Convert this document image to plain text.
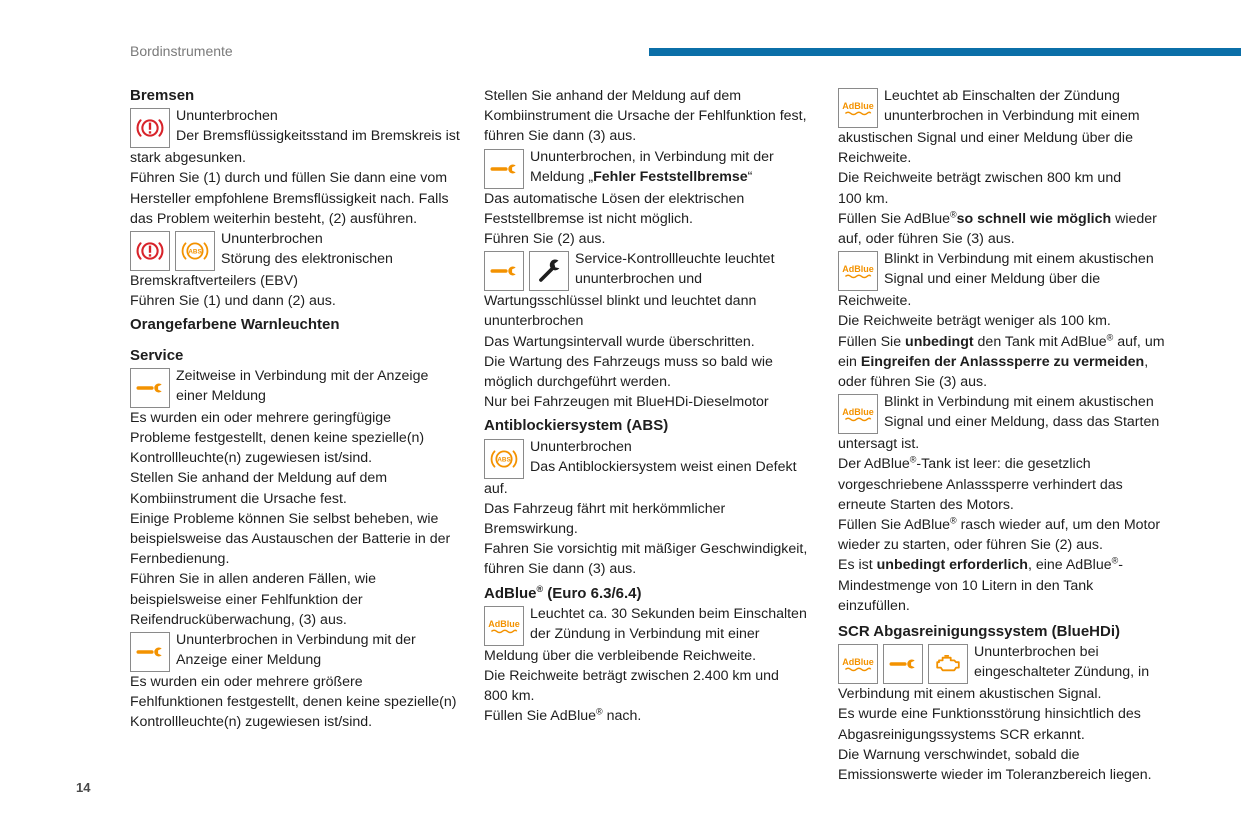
Bordinstrumente
14
Bremsen
Ununterbrochen
Der Bremsflüssigkeitsstand im Bremskreis ist
stark abgesunken.
Führen Sie (1) durch und füllen Sie dann eine vom
Hersteller empfohlene Bremsflüssigkeit nach. Falls
das Problem weiterhin besteht, (2) ausführen.
ABS
Ununterbrochen
Störung des elektronischen
Bremskraftverteilers (EBV)
Führen Sie (1) und dann (2) aus.
Orangefarbene Warnleuchten
Service
Zeitweise in Verbindung mit der Anzeige
einer Meldung
Es wurden ein oder mehrere geringfügige
Probleme festgestellt, denen keine spezielle(n)
Kontrollleuchte(n) zugewiesen ist/sind.
Stellen Sie anhand der Meldung auf dem
Kombiinstrument die Ursache fest.
Einige Probleme können Sie selbst beheben, wie
beispielsweise das Austauschen der Batterie in der
Fernbedienung.
Führen Sie in allen anderen Fällen, wie
beispielsweise einer Fehlfunktion der
Reifendrucküberwachung, (3) aus.
Ununterbrochen in Verbindung mit der
Anzeige einer Meldung
Es wurden ein oder mehrere größere
Fehlfunktionen festgestellt, denen keine spezielle(n)
Kontrollleuchte(n) zugewiesen ist/sind.
Stellen Sie anhand der Meldung auf dem
Kombiinstrument die Ursache der Fehlfunktion fest,
führen Sie dann (3) aus.
Ununterbrochen, in Verbindung mit der
Meldung „Fehler Feststellbremse“
Das automatische Lösen der elektrischen
Feststellbremse ist nicht möglich.
Führen Sie (2) aus.
Service-Kontrollleuchte leuchtet
ununterbrochen und
Wartungsschlüssel blinkt und leuchtet dann
ununterbrochen
Das Wartungsintervall wurde überschritten.
Die Wartung des Fahrzeugs muss so bald wie
möglich durchgeführt werden.
Nur bei Fahrzeugen mit BlueHDi-Dieselmotor
Antiblockiersystem (ABS)
ABS
Ununterbrochen
Das Antiblockiersystem weist einen Defekt
auf.
Das Fahrzeug fährt mit herkömmlicher
Bremswirkung.
Fahren Sie vorsichtig mit mäßiger Geschwindigkeit,
führen Sie dann (3) aus.
AdBlue® (Euro 6.3/6.4)
AdBlue
Leuchtet ca. 30 Sekunden beim Einschalten
der Zündung in Verbindung mit einer
Meldung über die verbleibende Reichweite.
Die Reichweite beträgt zwischen 2.400 km und
800 km.
Füllen Sie AdBlue® nach.
AdBlue
Leuchtet ab Einschalten der Zündung
ununterbrochen in Verbindung mit einem
akustischen Signal und einer Meldung über die
Reichweite.
Die Reichweite beträgt zwischen 800 km und
100 km.
Füllen Sie AdBlue®so schnell wie möglich wieder
auf, oder führen Sie (3) aus.
AdBlue
Blinkt in Verbindung mit einem akustischen
Signal und einer Meldung über die
Reichweite.
Die Reichweite beträgt weniger als 100 km.
Füllen Sie unbedingt den Tank mit AdBlue® auf, um
ein Eingreifen der Anlasssperre zu vermeiden,
oder führen Sie (3) aus.
AdBlue
Blinkt in Verbindung mit einem akustischen
Signal und einer Meldung, dass das Starten
untersagt ist.
Der AdBlue®-Tank ist leer: die gesetzlich
vorgeschriebene Anlasssperre verhindert das
erneute Starten des Motors.
Füllen Sie AdBlue® rasch wieder auf, um den Motor
wieder zu starten, oder führen Sie (2) aus.
Es ist unbedingt erforderlich, eine AdBlue®-
Mindestmenge von 10 Litern in den Tank einzufüllen.
SCR Abgasreinigungssystem (BlueHDi)
AdBlue
Ununterbrochen bei
eingeschalteter Zündung, in
Verbindung mit einem akustischen Signal.
Es wurde eine Funktionsstörung hinsichtlich des
Abgasreinigungssystems SCR erkannt.
Die Warnung verschwindet, sobald die
Emissionswerte wieder im Toleranzbereich liegen.
